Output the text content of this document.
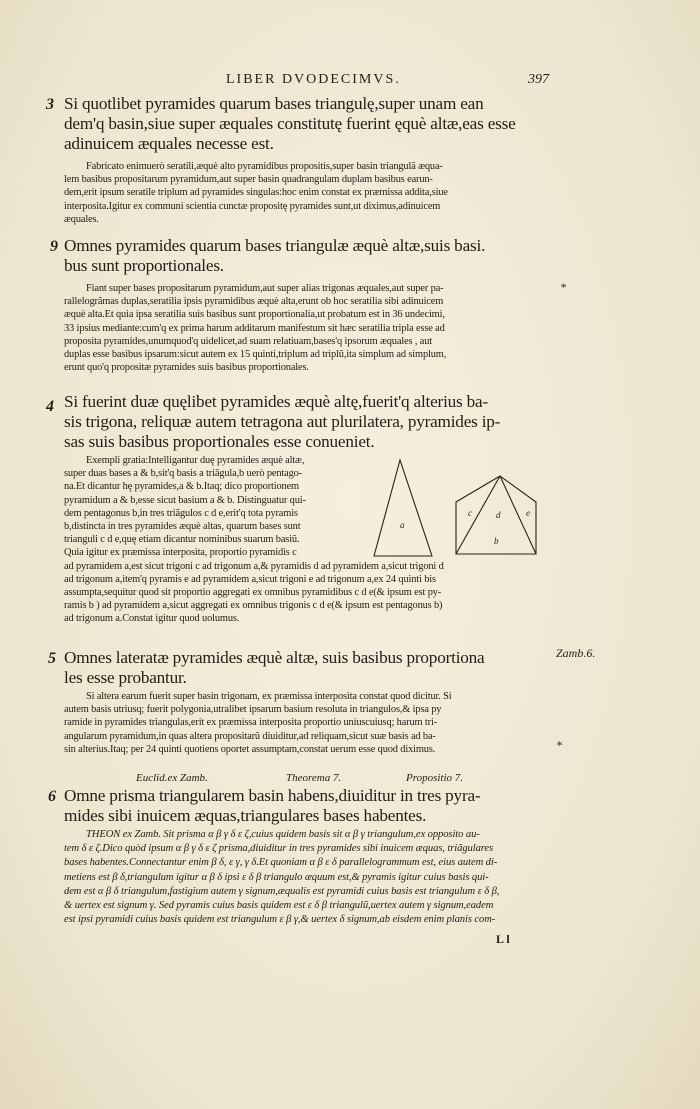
LIBER DVODECIMVS.	397
3 Si quotlibet pyramides quarum bases triangulę,super unam ean
dem'q basin,siue super æquales constitutę fuerint ęquè altæ,eas esse
adinuicem æquales necesse est.
Fabricato enimuerò seratili,æquè alto pyramidibus propositis,super basin triangulã æqua-
lem basibus propositarum pyramidum,aut super basin quadrangulam duplam basibus earun-
dem,erit ipsum seratile triplum ad pyramides singulas:hoc enim constat ex præmissa addita,siue
interposita.Igitur ex communi scientia cunctæ propositę pyramides sunt,ut diximus,adinuicem
æquales.
9 Omnes pyramides quarum bases triangulæ æquè altæ,suis basi.
bus sunt proportionales.
Fiant super bases propositarum pyramidum,aut super alias trigonas æquales,aut super pa-
rallelogrãmas duplas,seratilia ipsis pyramidibus æquè alta,erunt ob hoc seratilia sibi adinuicem
æquè alta.Et quia ipsa seratilia suis basibus sunt proportionalia,ut probatum est in 36 undecimi,
33 ipsius mediante:cum'q ex prima harum additarum manifestum sit hæc seratilia tripla esse ad
proposita pyramides,unumquod'q uidelicet,ad suam relatiuam,bases'q ipsorum æquales , aut
duplas esse basibus ipsarum:sicut autem ex 15 quinti,triplum ad triplũ,ita simplum ad simplum,
erunt quo'q propositæ pyramides suis basibus proportionales.
*
4 Si fuerint duæ quęlibet pyramides æquè altę,fuerit'q alterius ba-
sis trigona, reliquæ autem tetragona aut plurilatera, pyramides ip-
sas suis basibus proportionales esse conueniet.
Exempli gratia:Intelligantur duę pyramides æquè altæ,
super duas bases a & b,sit'q basis a triãgula,b uerò pentago-
na.Et dicantur hę pyramides,a & b.Itaq; dico proportionem
pyramidum a & b,esse sicut basium a & b. Distinguatur qui-
dem pentagonus b,in tres triãgulos c d e,erit'q tota pyramis
b,distincta in tres pyramides æquè altas, quarum bases sunt
trianguli c d e,quę etiam dicantur nominibus suarum basiũ.
Quia igitur ex præmissa interposita, proportio pyramidis c
ad pyramidem a,est sicut trigoni c ad trigonum a,& pyramidis d ad pyramidem a,sicut trigoni d
ad trigonum a,item'q pyramis e ad pyramidem a,sicut trigoni e ad trigonum a,ex 24 quinti bis
assumpta,sequitur quod sit proportio aggregati ex omnibus pyramidibus c d e(& ipsum est py-
ramis b ) ad pyramidem a,sicut aggregati ex omnibus trigonis c d e(& ipsum est pentagonus b)
ad trigonum a.Constat igitur quod uolumus.
a
c	d	e
b
5 Omnes lateratæ pyramides æquè altæ, suis basibus proportiona
les esse probantur.
Si altera earum fuerit super basin trigonam, ex præmissa interposita constat quod dicitur. Si
autem basis utriusq; fuerit polygonia,utralibet ipsarum basium resoluta in triangulos,& ipsa py
ramide in pyramides triangulas,erit ex præmissa interposita proportio uniuscuiusq; harum tri-
angularum pyramidum,in quas altera propositarũ diuiditur,ad reliquam,sicut suæ basis ad ba-
sin alterius.Itaq; per 24 quinti quotiens oportet assumptam,constat uerum esse quod diximus.
Zamb.6.
*
Euclid.ex Zamb.	Theorema 7.	Propositio 7.
6 Omne prisma triangularem basin habens,diuiditur in tres pyra-
mides sibi inuicem æquas,triangulares bases habentes.
THEON ex Zamb. Sit prisma α β γ δ ε ζ,cuius quidem basis sit α β γ triangulum,ex opposito au-
tem δ ε ζ.Dico quòd ipsum α β γ δ ε ζ prisma,diuiditur in tres pyramides sibi inuicem æquas, triãgulares
bases habentes.Connectantur enim β δ, ε γ, γ δ.Et quoniam α β ε δ parallelogrammum est, eius autem di-
metiens est β δ,triangulum igitur α β δ ipsi ε δ β triangulo æquum est,& pyramis igitur cuius basis qui-
dem est α β δ triangulum,fastigium autem γ signum,æqualis est pyramidi cuius basis est triangulum ε δ β,
& uertex est signum γ. Sed pyramis cuius basis quidem est ε δ β triangulũ,uertex autem γ signum,eadem
est ipsi pyramidi cuius basis quidem est triangulum ε β γ,& uertex δ signum,ab eisdem enim planis com-
L l
